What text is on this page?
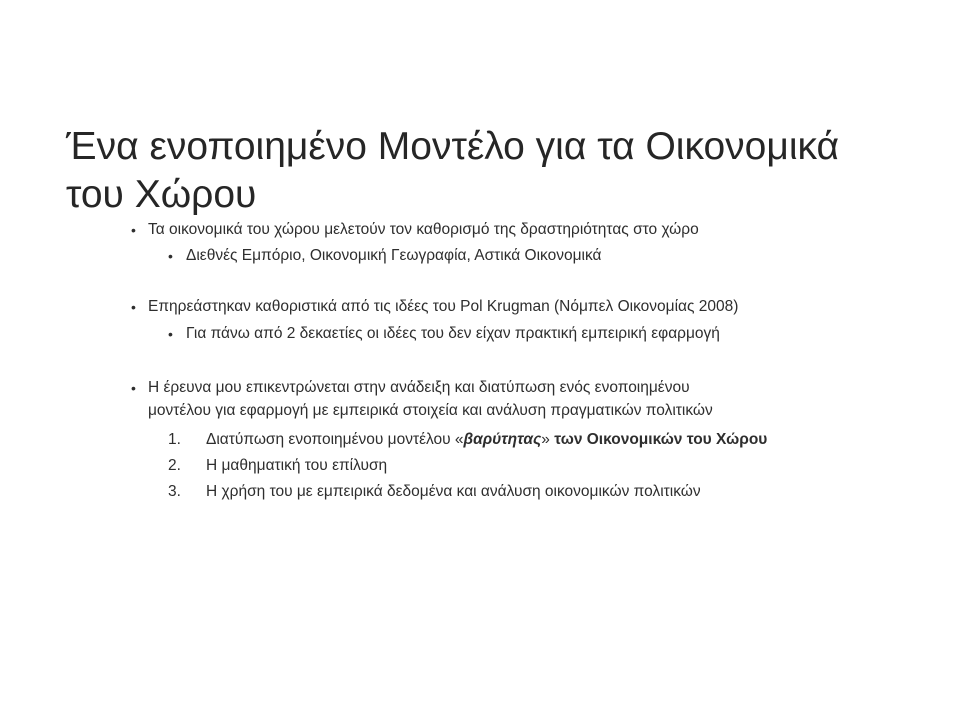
Ένα ενοποιημένο Μοντέλο για τα Οικονομικά
του Χώρου
• Τα οικονομικά του χώρου μελετούν τον καθορισμό της δραστηριότητας στο χώρο
• Διεθνές Εμπόριο, Οικονομική Γεωγραφία, Αστικά Οικονομικά
• Επηρεάστηκαν καθοριστικά από τις ιδέες του Pol Krugman (Νόμπελ Οικονομίας 2008)
• Για πάνω από 2 δεκαετίες οι ιδέες του δεν είχαν πρακτική εμπειρική εφαρμογή
• Η έρευνα μου επικεντρώνεται στην ανάδειξη και διατύπωση ενός ενοποιημένου
μοντέλου για εφαρμογή με εμπειρικά στοιχεία και ανάλυση πραγματικών πολιτικών
1. Διατύπωση ενοποιημένου μοντέλου «βαρύτητας» των Οικονομικών του Χώρου
2. Η μαθηματική του επίλυση
3. Η χρήση του με εμπειρικά δεδομένα και ανάλυση οικονομικών πολιτικών
